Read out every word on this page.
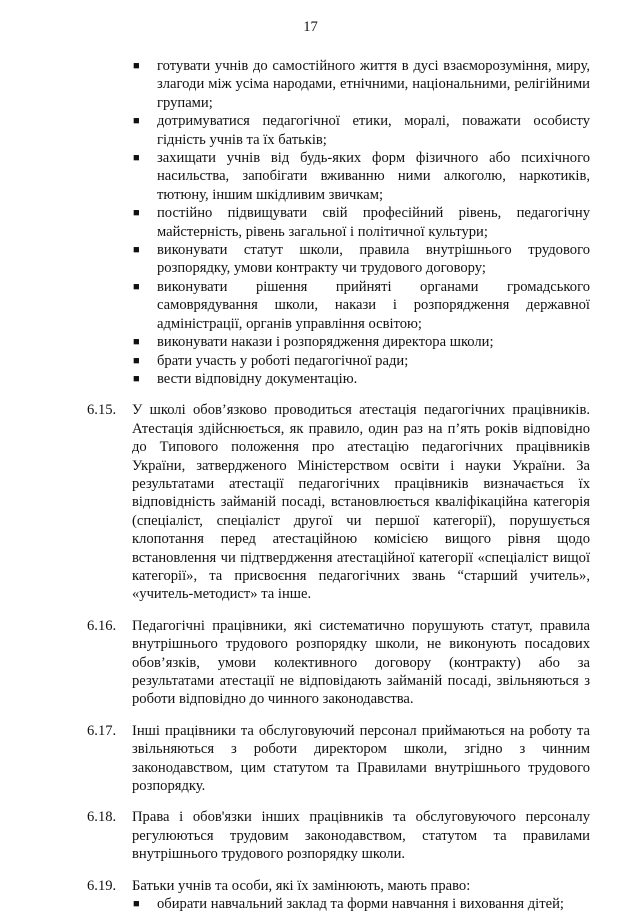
17
■ готувати учнів до самостійного життя в дусі взаєморозуміння, миру, злагоди між усіма народами, етнічними, національними, релігійними групами;
■ дотримуватися педагогічної етики, моралі, поважати особисту гідність учнів та їх батьків;
■ захищати учнів від будь-яких форм фізичного або психічного насильства, запобігати вживанню ними алкоголю, наркотиків, тютюну, іншим шкідливим звичкам;
■ постійно підвищувати свій професійний рівень, педагогічну майстерність, рівень загальної і політичної культури;
■ виконувати статут школи, правила внутрішнього трудового розпорядку, умови контракту чи трудового договору;
■ виконувати рішення прийняті органами громадського самоврядування школи, накази і розпорядження державної адміністрації, органів управління освітою;
■ виконувати накази і розпорядження директора школи;
■ брати участь у роботі педагогічної ради;
■ вести відповідну документацію.
6.15.	У школі обов’язково проводиться атестація педагогічних працівників. Атестація здійснюється, як правило, один раз на п’ять років відповідно до Типового положення про атестацію педагогічних працівників України, затвердженого Міністерством освіти і науки України. За результатами атестації педагогічних працівників визначається їх відповідність займаній посаді, встановлюється кваліфікаційна категорія (спеціаліст, спеціаліст другої чи першої категорії), порушується клопотання перед атестаційною комісією вищого рівня щодо встановлення чи підтвердження атестаційної категорії «спеціаліст вищої категорії», та присвоєння педагогічних звань “старший учитель», «учитель-методист» та інше.
6.16.	Педагогічні працівники, які систематично порушують статут, правила внутрішнього трудового розпорядку школи, не виконують посадових обов’язків, умови колективного договору (контракту) або за результатами атестації не відповідають займаній посаді, звільняються з роботи відповідно до чинного законодавства.
6.17.	Інші працівники та обслуговуючий персонал приймаються на роботу та звільняються з роботи директором школи, згідно з чинним законодавством, цим статутом та Правилами внутрішнього трудового розпорядку.
6.18.	Права і обов'язки інших працівників та обслуговуючого персоналу регулюються трудовим законодавством, статутом та правилами внутрішнього трудового розпорядку школи.
6.19.	Батьки учнів та особи, які їх замінюють, мають право:
■ обирати навчальний заклад та форми навчання і виховання дітей;
